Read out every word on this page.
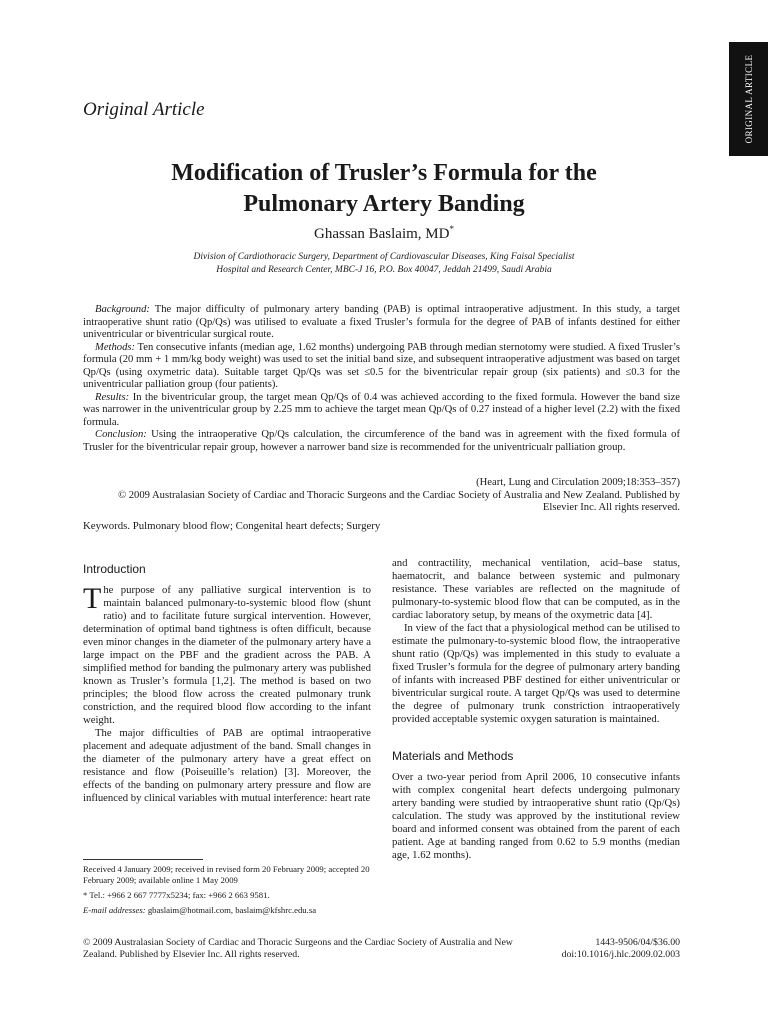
ORIGINAL ARTICLE
Original Article
Modification of Trusler’s Formula for the
Pulmonary Artery Banding
Ghassan Baslaim, MD*
Division of Cardiothoracic Surgery, Department of Cardiovascular Diseases, King Faisal Specialist
Hospital and Research Center, MBC-J 16, P.O. Box 40047, Jeddah 21499, Saudi Arabia

Background: The major difficulty of pulmonary artery banding (PAB) is optimal intraoperative adjustment. In this study, a target intraoperative shunt ratio (Qp/Qs) was utilised to evaluate a fixed Trusler’s formula for the degree of PAB of infants destined for either univentricular or biventricular surgical route.

Methods: Ten consecutive infants (median age, 1.62 months) undergoing PAB through median sternotomy were studied. A fixed Trusler’s formula (20 mm + 1 mm/kg body weight) was used to set the initial band size, and subsequent intraoperative adjustment was based on target Qp/Qs (using oxymetric data). Suitable target Qp/Qs was set ≤0.5 for the biventricular repair group (six patients) and ≤0.3 for the univentricular palliation group (four patients).

Results: In the biventricular group, the target mean Qp/Qs of 0.4 was achieved according to the fixed formula. However the band size was narrower in the univentricular group by 2.25 mm to achieve the target mean Qp/Qs of 0.27 instead of a higher level (2.2) with the fixed formula.

Conclusion: Using the intraoperative Qp/Qs calculation, the circumference of the band was in agreement with the fixed formula of Trusler for the biventricular repair group, however a narrower band size is recommended for the univentricualr palliation group.

(Heart, Lung and Circulation 2009;18:353–357)
© 2009 Australasian Society of Cardiac and Thoracic Surgeons and the Cardiac Society of Australia and New Zealand. Published by Elsevier Inc. All rights reserved.
Keywords. Pulmonary blood flow; Congenital heart defects; Surgery
Introduction

The purpose of any palliative surgical intervention is to maintain balanced pulmonary-to-systemic blood flow (shunt ratio) and to facilitate future surgical intervention. However, determination of optimal band tightness is often difficult, because even minor changes in the diameter of the pulmonary artery have a large impact on the PBF and the gradient across the PAB. A simplified method for banding the pulmonary artery was published known as Trusler’s formula [1,2]. The method is based on two principles; the blood flow across the created pulmonary trunk constriction, and the required blood flow according to the infant weight.

The major difficulties of PAB are optimal intraoperative placement and adequate adjustment of the band. Small changes in the diameter of the pulmonary artery have a great effect on resistance and flow (Poiseuille’s relation) [3]. Moreover, the effects of the banding on pulmonary artery pressure and flow are influenced by clinical variables with mutual interference: heart rate

and contractility, mechanical ventilation, acid–base status, haematocrit, and balance between systemic and pulmonary resistance. These variables are reflected on the magnitude of pulmonary-to-systemic blood flow that can be computed, as in the cardiac laboratory setup, by means of the oxymetric data [4].

In view of the fact that a physiological method can be utilised to estimate the pulmonary-to-systemic blood flow, the intraoperative shunt ratio (Qp/Qs) was implemented in this study to evaluate a fixed Trusler’s formula for the degree of pulmonary artery banding of infants with increased PBF destined for either univentricular or biventricular surgical route. A target Qp/Qs was used to determine the degree of pulmonary trunk constriction intraoperatively provided acceptable systemic oxygen saturation is maintained.

Materials and Methods

Over a two-year period from April 2006, 10 consecutive infants with complex congenital heart defects undergoing pulmonary artery banding were studied by intraoperative shunt ratio (Qp/Qs) calculation. The study was approved by the institutional review board and informed consent was obtained from the parent of each patient. Age at banding ranged from 0.62 to 5.9 months (median age, 1.62 months).

Received 4 January 2009; received in revised form 20 February 2009; accepted 20 February 2009; available online 1 May 2009

* Tel.: +966 2 667 7777x5234; fax: +966 2 663 9581.

E-mail addresses: gbaslaim@hotmail.com, baslaim@kfshrc.edu.sa

© 2009 Australasian Society of Cardiac and Thoracic Surgeons and the Cardiac Society of Australia and New Zealand. Published by Elsevier Inc. All rights reserved.
1443-9506/04/$36.00
doi:10.1016/j.hlc.2009.02.003
